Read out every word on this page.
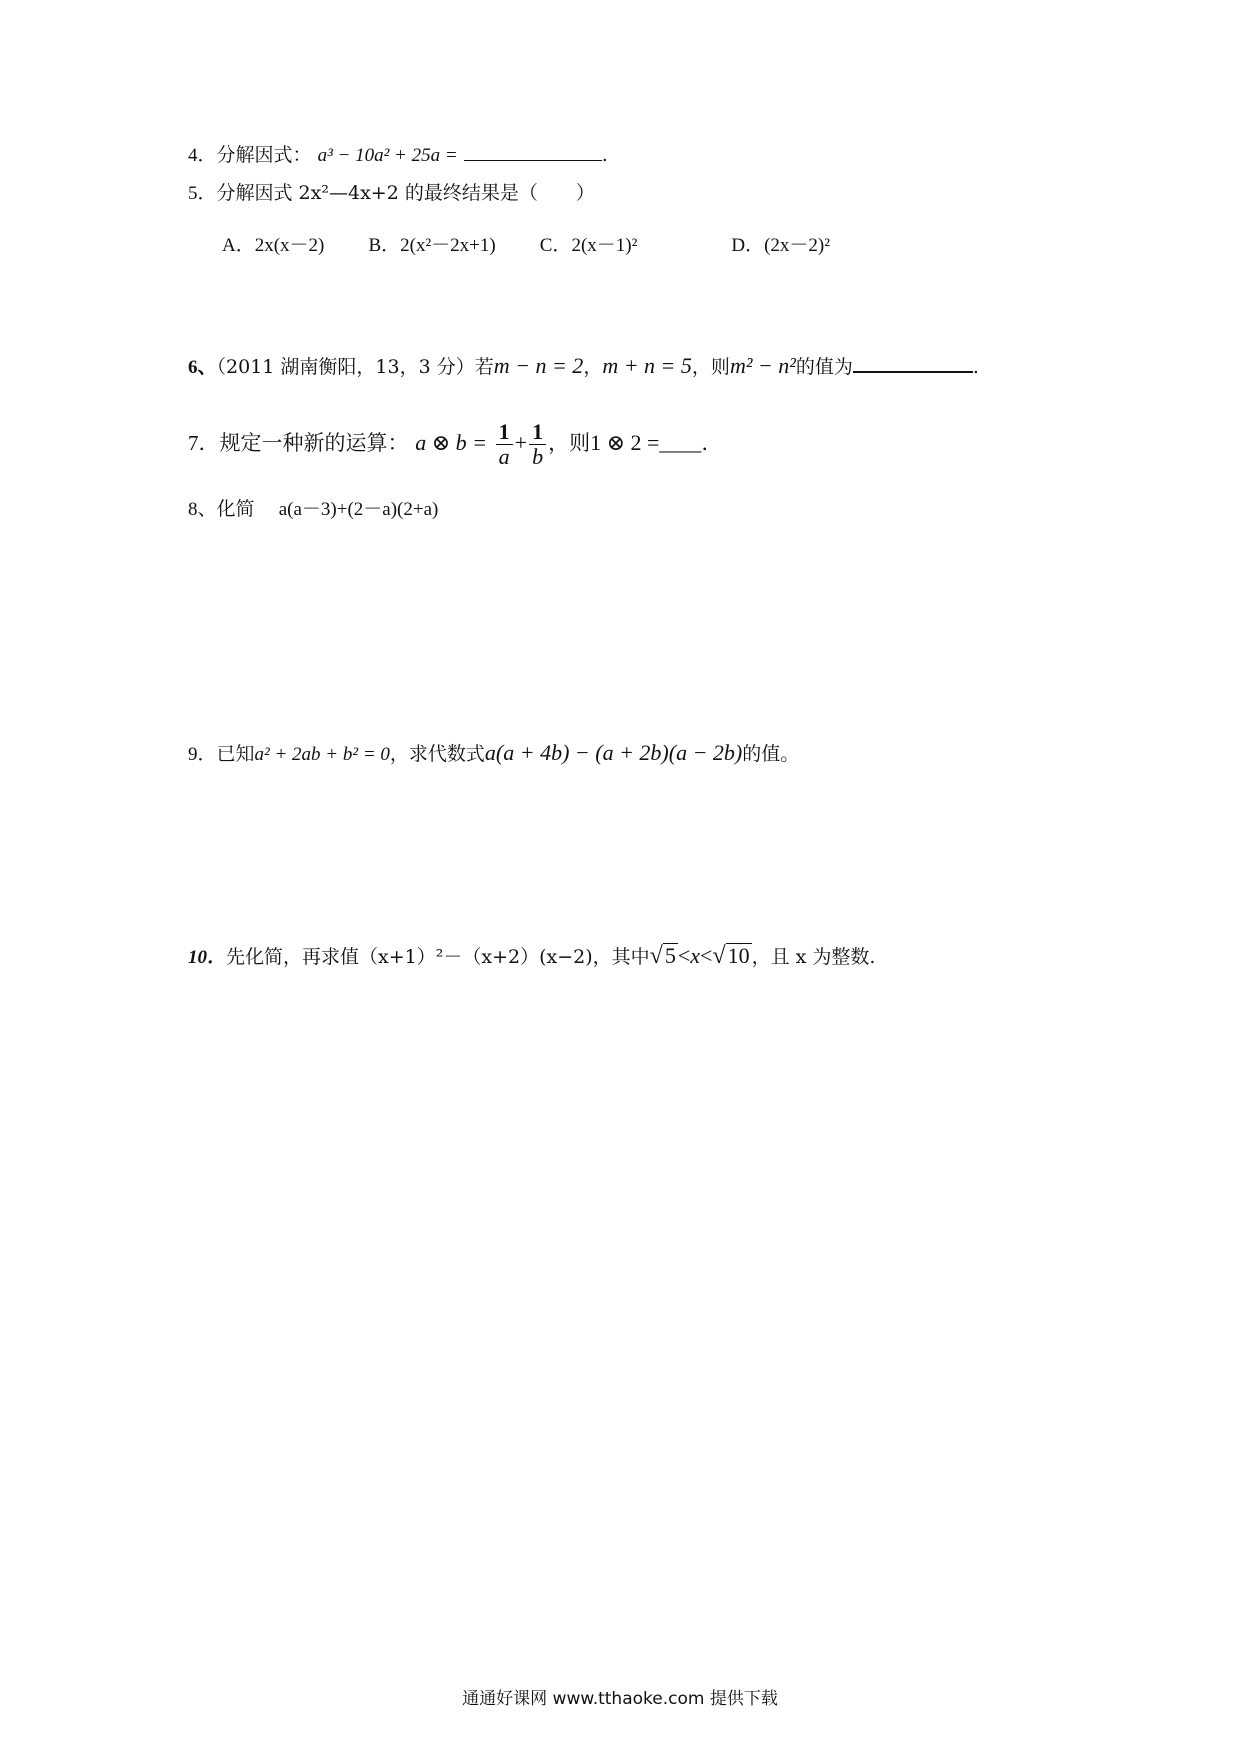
4．分解因式： a³ − 10a² + 25a =	.
5．分解因式 2x²—4x+2 的最终结果是（　　）
A．2x(x－2) B．2(x²－2x+1) C．2(x－1)²	D．(2x－2)²
6、（2011 湖南衡阳，13，3 分）若m − n = 2，m + n = 5，则m² − n²的值为	.
7．规定一种新的运算： a ⊗ $b = \frac{1}{a} + \frac{1}{b}$ ，则1 ⊗ 2 =____.
8、化简 a(a－3)+(2－a)(2+a)
9．已知a² + 2ab + b² = 0，求代数式a(a + 4b) − (a + 2b)(a − 2b)的值。
10．先化简，再求值（x+1）²－（x+2）(x−2)，其中 √ 5 <x< √ 10 ，且 x 为整数.
通通好课网 www.tthaoke.com 提供下载
